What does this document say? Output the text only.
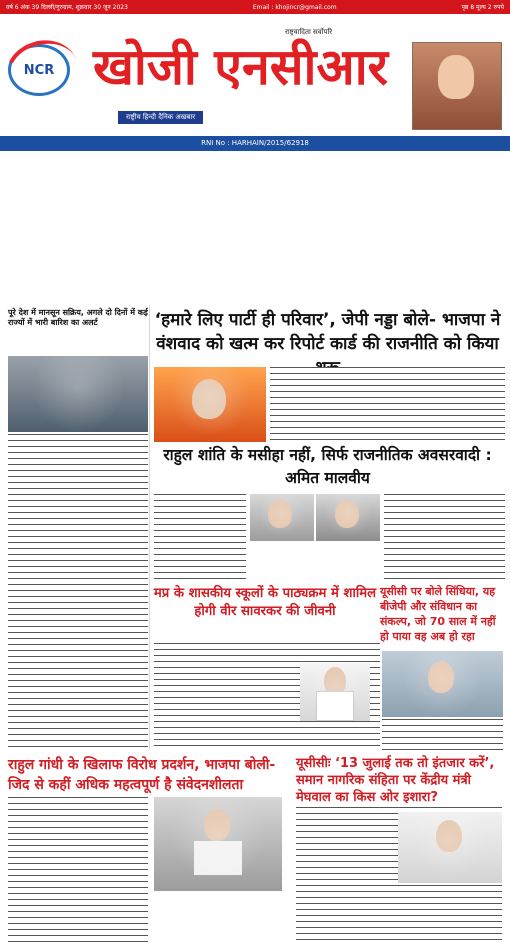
वर्ष 6 अंक 39 दिल्ली/गुरुग्राम, शुक्रवार 30 जून 2023	Email : khojincr@gmail.com	पृष्ठ 8 मूल्य 2 रुपये
NCR
राष्ट्रवादिता सर्वोपरि
खोजी एनसीआर
राष्ट्रीय हिन्दी दैनिक अखबार
RNI No : HARHAIN/2015/62918
पूरे देश में मानसून सक्रिय, अगले दो दिनों में कई राज्यों में भारी बारिश का अलर्ट	‘हमारे लिए पार्टी ही परिवार’, जेपी नड्डा बोले- भाजपा ने वंशवाद को खत्म कर रिपोर्ट कार्ड की राजनीति को किया
राहुल शांति के मसीहा नहीं, सिर्फ राजनीतिक अवसरवादी : अमित मालवीय
मप्र के शासकीय स्कूलों के पाठ्यक्रम में शामिल होगी वीर सावरकर की जीवनी
यूसीसी पर बोले सिंधिया, यह बीजेपी और संविधान का संकल्प, जो 70 साल में नहीं हो पाया वह अब हो रहा
राहुल गांधी के खिलाफ विरोध प्रदर्शन, भाजपा बोली- जिद से कहीं अधिक महत्वपूर्ण है संवेदनशीलता
यूसीसीः ‘13 जुलाई तक तो इंतजार करें’, समान नागरिक संहिता पर केंद्रीय मंत्री मेघवाल का किस ओर इशारा?
